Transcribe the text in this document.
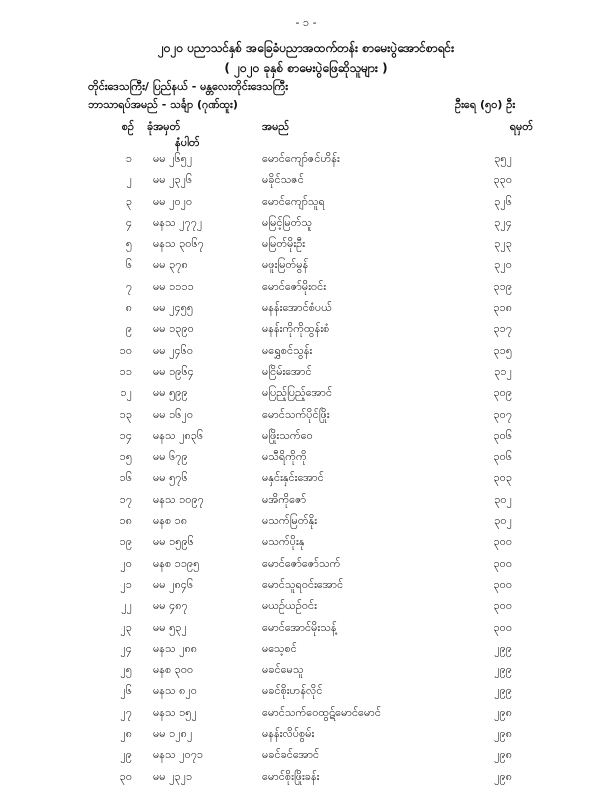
- ၁ -
၂၀၂၀ ပညာသင်နှစ် အခြေခံပညာအထက်တန်း စာမေးပွဲအောင်စာရင်း
( ၂၀၂၀ ခုနှစ် စာမေးပွဲဖြေဆိုသူများ )
တိုင်းဒေသကြီး/ ပြည်နယ် - မန္တလေးတိုင်းဒေသကြီး
ဘာသာရပ်အမည် - သင်္ချာ (ဂုဏ်ထူး)	ဦးရေ (၅၀) ဦး
စဉ် ခုံအမှတ်
နံပါတ်
အမည်	ရမှတ်
၁ မမ ၂၆၅၂	မောင်ကျော်ဇင်ဟိန်း	၃၅၂
၂ မမ ၂၃၂၆	မခိုင်သဇင်	၃၃၀
၃ မမ ၂၀၂၀	မောင်ကျော်သူရ	၃၂၆
၄ မနသ ၂၇၇၂	မမြင့်မြတ်သူ	၃၂၄
၅ မနသ ၃၀၆၇	မမြတ်မိုးဦး	၃၂၃
၆ မမ ၃၇၈	မဖူးမြတ်မွန်	၃၂၀
၇ မမ ၁၁၁၁	မောင်ဇော်မိုးဝင်း	၃၁၉
၈ မမ ၂၄၅၅	မနန်းအောင်စံပယ်	၃၁၈
၉ မမ ၁၃၉၀	မနန်းကိုကိုထွန်းစံ	၃၁၇
၁၀ မမ ၂၄၆၀	မရွှေစင်သွန်း	၃၁၅
၁၁ မမ ၁၉၆၄	မငြိမ်းအောင်	၃၁၂
၁၂ မမ ၅၉၉	မပြည့်ပြည့်အောင်	၃၀၉
၁၃ မမ ၁၆၂၀	မောင်သက်ပိုင်ဖြိုး	၃၀၇
၁၄ မနသ ၂၈၃၆	မဖြိုးသက်ဝေ	၃၀၆
၁၅ မမ ၆၇၉	မသီရိကိုကို	၃၀၆
၁၆ မမ ၅၇၆	မနှင်းနှင်းအောင်	၃၀၃
၁၇ မနသ ၁၀၉၇	မအိကိုဇော်	၃၀၂
၁၈ မနစ ၁၈	မသက်မြတ်နိုး	၃၀၂
၁၉ မမ ၁၅၉၆	မသက်ပိုးနု	၃၀၀
၂၀ မနစ ၁၁၉၅	မောင်ဇော်ဇော်သက်	၃၀၀
၂၁ မမ ၂၈၄၆	မောင်သူရဝင်းအောင်	၃၀၀
၂၂ မမ ၄၈၇	မယဉ်ယဉ်ဝင်း	၃၀၀
၂၃ မမ ၅၃၂	မောင်အောင်မိုးသန့်	၃၀၀
၂၄ မနသ ၂၈၈	မသေ့စင်	၂၉၉
၂၅ မနစ ၃၀၀	မခင်မေသူ	၂၉၉
၂၆ မနသ ၈၂၀	မခင်စိုးဟန်လိုင်	၂၉၉
၂၇ မနသ ၁၅၂	မောင်သက်ဝေထွဋ်မောင်မောင်	၂၉၈
၂၈ မမ ၁၂၈၂	မနန်းလိပ်စွမ်း	၂၉၈
၂၉ မနသ ၂၀၇၁	မခင်ခင်အောင်	၂၉၈
၃၀ မမ ၂၃၂၁	မောင်စိုးဖြိုးခန်း	၂၉၈
